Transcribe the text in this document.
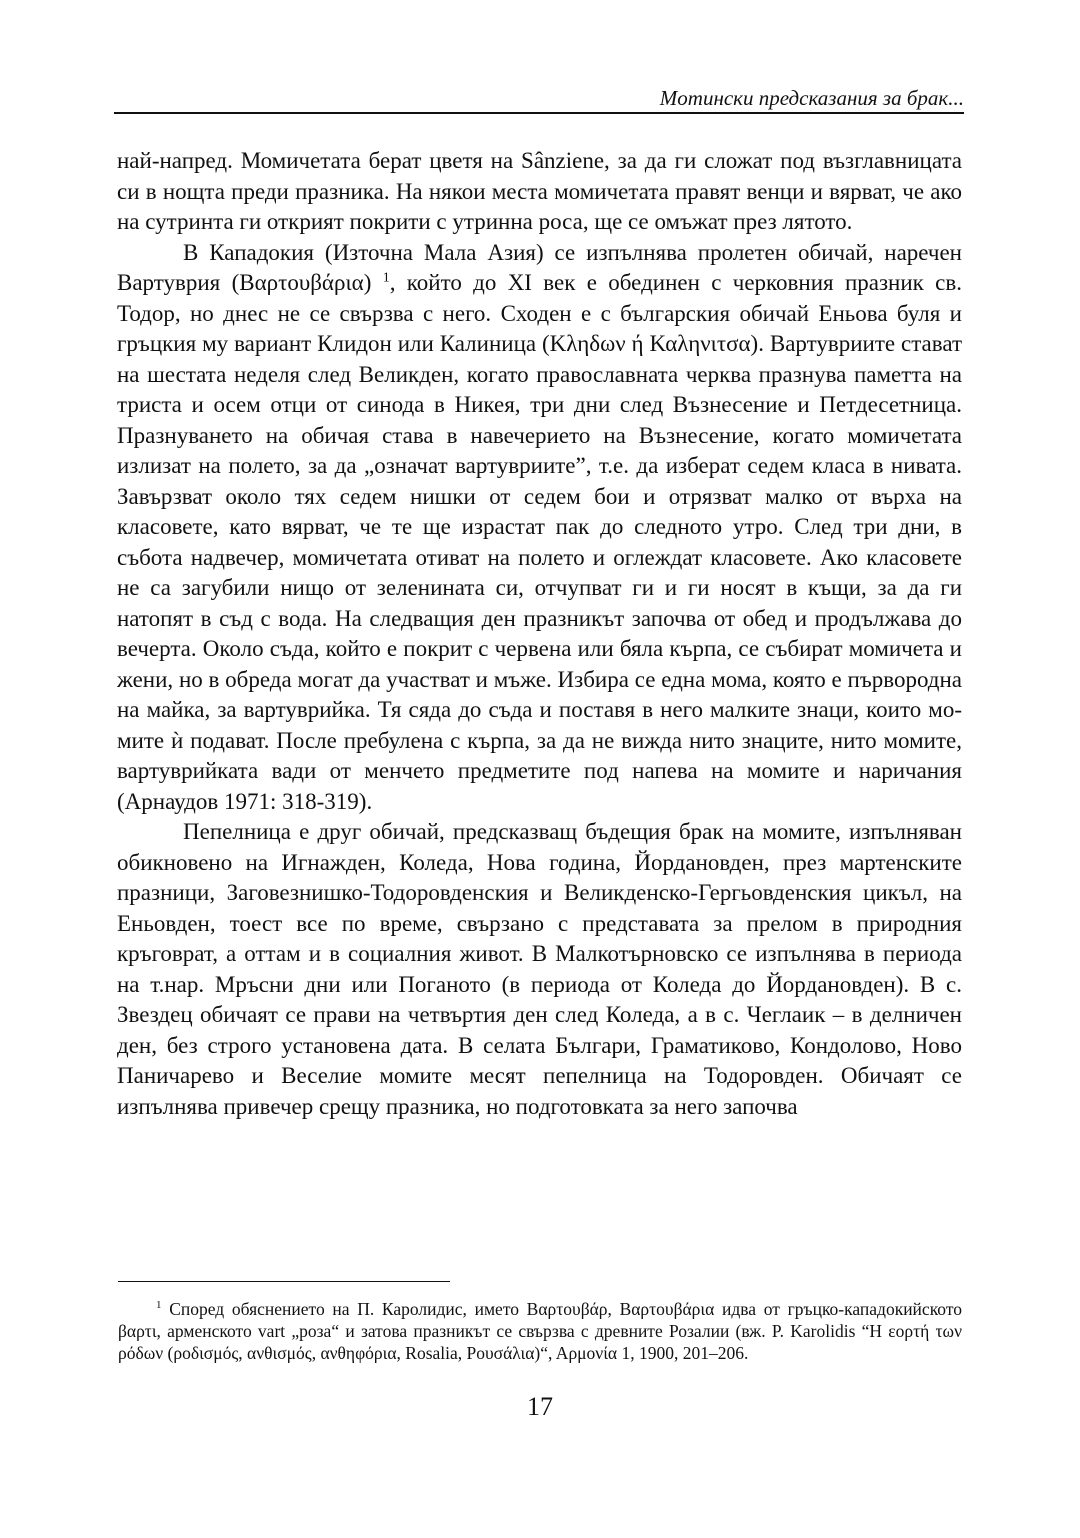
Momински предсказания за брак...

най-напред. Момичетата берат цветя на Sânziene, за да ги сложат под възглавницата си в нощта преди празника. На някои места момичетата правят венци и вярват, че ако на сутринта ги открият покрити с утринна роса, ще се омъжат през лятото.

В Кападокия (Източна Мала Азия) се изпълнява пролетен обичай, наречен Вартуврия (Βαρτουβάρια) $^1$, който до XI век е обединен с черковния празник св. Тодор, но днес не се свързва с него. Сходен е с българския обичай Еньова буля и гръцкия му вариант Клидон или Калиница (Κληδων ή Καληνιτσα). Вартувриите стават на шестата неделя след Великден, когато православната черква празнува паметта на триста и осем отци от синода в Никея, три дни след Възнесение и Петдесетница. Празнуването на обичая става в навечерието на Възнесение, когато момичетата излизат на полето, за да „означат вартувриите”, т.е. да изберат седем класа в нивата. Завързват около тях седем нишки от седем бои и отрязват малко от върха на класовете, като вярват, че те ще израстат пак до следното утро. След три дни, в събота надвечер, момичетата отиват на полето и оглеждат класовете. Ако класовете не са загубили нищо от зеленината си, отчупват ги и ги носят в къщи, за да ги натопят в съд с вода. На следващия ден празникът започва от обед и продължава до вечерта. Около съда, който е покрит с червена или бяла кърпа, се събират момичета и жени, но в обреда могат да участват и мъже. Избира се една мома, която е първородна на майка, за вартуврийка. Тя сяда до съда и поставя в него малките знаци, които момите ѝ подават. После пребулена с кърпа, за да не вижда нито знаците, нито момите, вартуврийката вади от менчето предметите под напева на момите и наричания (Арнаудов 1971: 318-319).

Пепелница е друг обичай, предсказващ бъдещия брак на момите, изпълняван обикновено на Игнажден, Коледа, Нова година, Йордановден, през мартенските празници, Заговезнишко-Тодоровденския и Великденско-Гергьовденския цикъл, на Еньовден, тоест все по време, свързано с представата за прелом в природния кръговрат, а оттам и в социалния живот. В Малкотърновско се изпълнява в периода на т.нар. Мръсни дни или Поганото (в периода от Коледа до Йордановден). В с. Звездец обичаят се прави на четвъртия ден след Коледа, а в с. Чеглаик – в делничен ден, без строго установена дата. В селата Българи, Граматиково, Кондолово, Ново Паничарево и Веселие момите месят пепелница на Тодоровден. Обичаят се изпълнява привечер срещу празника, но подготовката за него започва

$^1$ Според обяснението на П. Каролидис, името Βαρτουβάρ, Βαρτουβάρια идва от гръцко-кападокийското βαρτι, арменското vart „роза“ и затова празникът се свързва с древните Розалии (вж. P. Karolidis “Η εορτή των ρόδων (ροδισμός, ανθισμός, ανθηφόρια, Rosalia, Ρουσάλια)“, Αρμονία 1, 1900, 201–206.

17
